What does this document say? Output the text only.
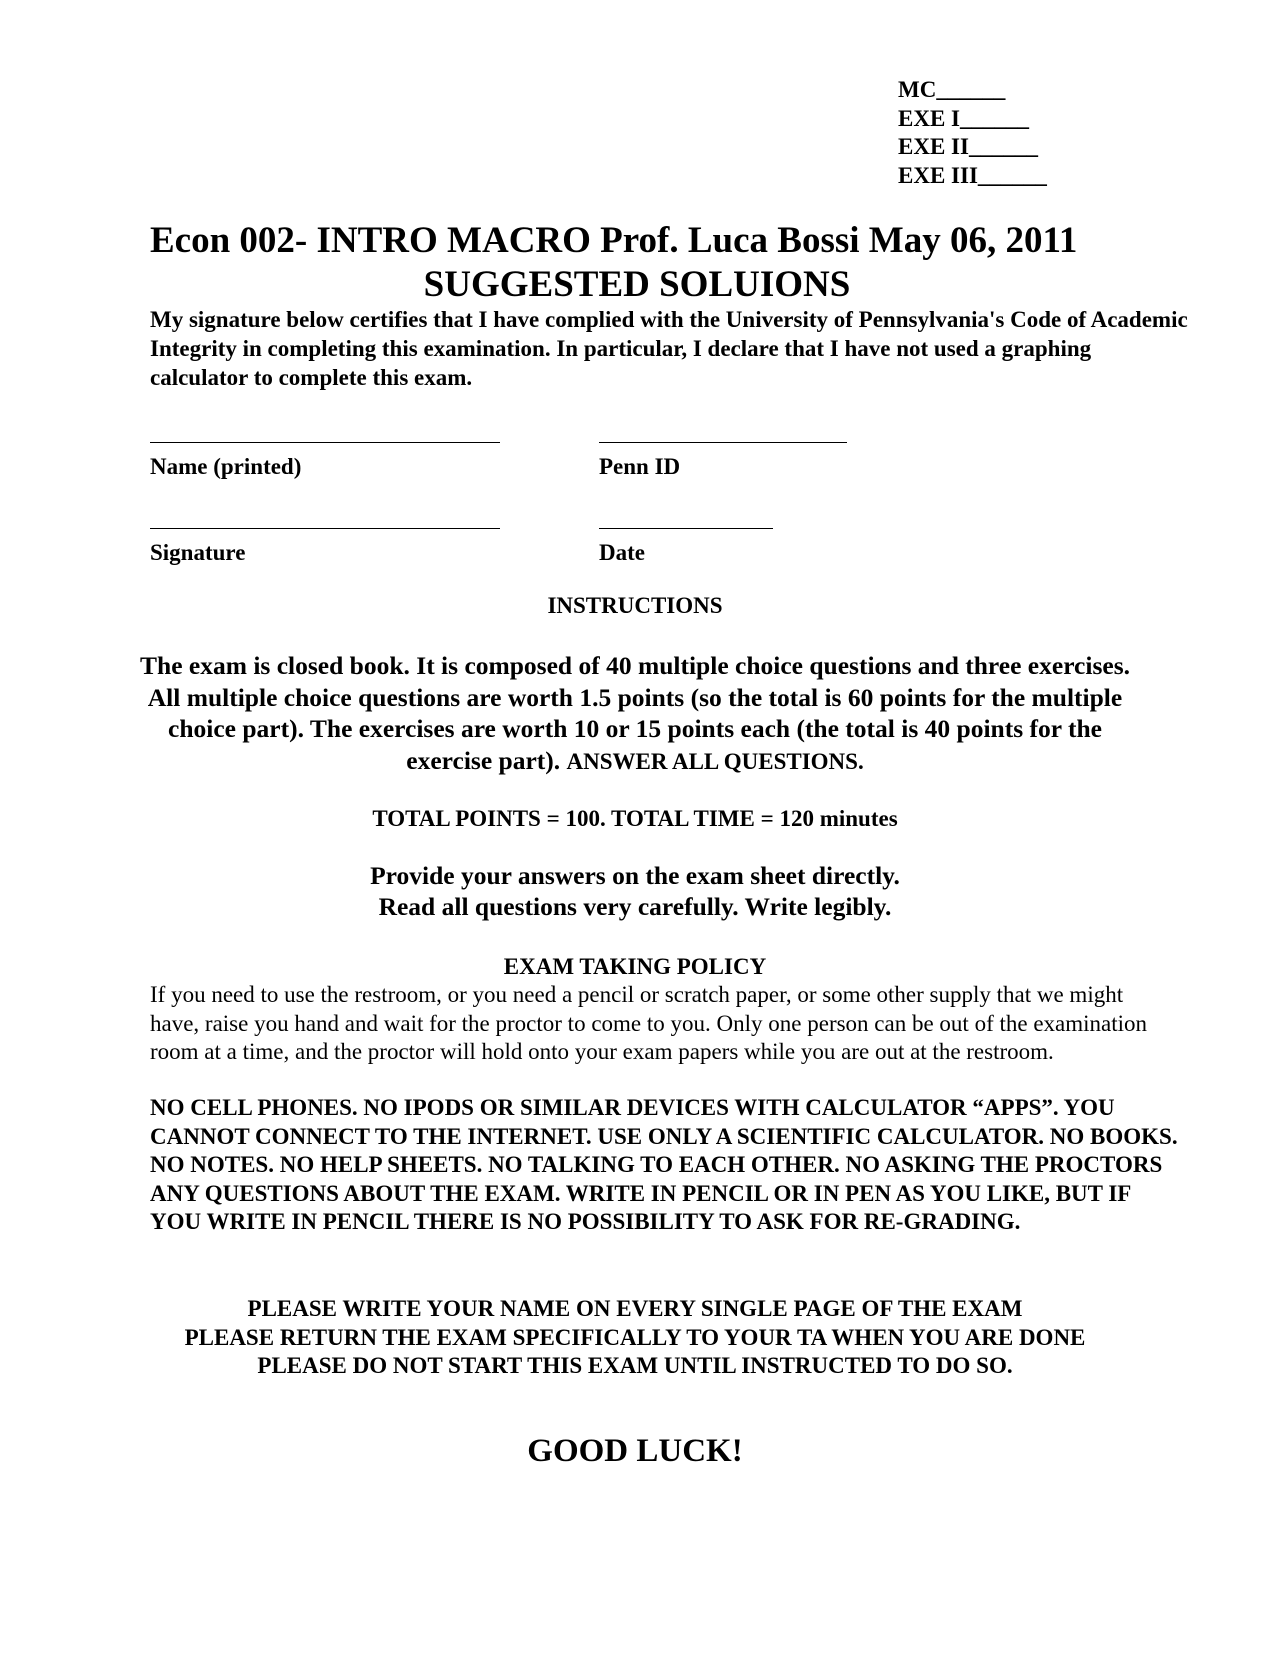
MC______
EXE I______
EXE II______
EXE III______
Econ 002- INTRO MACRO Prof. Luca Bossi May 06, 2011
SUGGESTED SOLUIONS
My signature below certifies that I have complied with the University of Pennsylvania's Code of Academic Integrity in completing this examination. In particular, I declare that I have not used a graphing calculator to complete this exam.
Name (printed)	Penn ID
Signature	Date
INSTRUCTIONS
The exam is closed book. It is composed of 40 multiple choice questions and three exercises. All multiple choice questions are worth 1.5 points (so the total is 60 points for the multiple choice part). The exercises are worth 10 or 15 points each (the total is 40 points for the exercise part). ANSWER ALL QUESTIONS.
TOTAL POINTS = 100. TOTAL TIME = 120 minutes
Provide your answers on the exam sheet directly.
Read all questions very carefully. Write legibly.
EXAM TAKING POLICY
If you need to use the restroom, or you need a pencil or scratch paper, or some other supply that we might have, raise you hand and wait for the proctor to come to you. Only one person can be out of the examination room at a time, and the proctor will hold onto your exam papers while you are out at the restroom.
NO CELL PHONES. NO IPODS OR SIMILAR DEVICES WITH CALCULATOR “APPS”. YOU CANNOT CONNECT TO THE INTERNET. USE ONLY A SCIENTIFIC CALCULATOR. NO BOOKS. NO NOTES. NO HELP SHEETS. NO TALKING TO EACH OTHER. NO ASKING THE PROCTORS ANY QUESTIONS ABOUT THE EXAM. WRITE IN PENCIL OR IN PEN AS YOU LIKE, BUT IF YOU WRITE IN PENCIL THERE IS NO POSSIBILITY TO ASK FOR RE-GRADING.
PLEASE WRITE YOUR NAME ON EVERY SINGLE PAGE OF THE EXAM
PLEASE RETURN THE EXAM SPECIFICALLY TO YOUR TA WHEN YOU ARE DONE
PLEASE DO NOT START THIS EXAM UNTIL INSTRUCTED TO DO SO.
GOOD LUCK!
